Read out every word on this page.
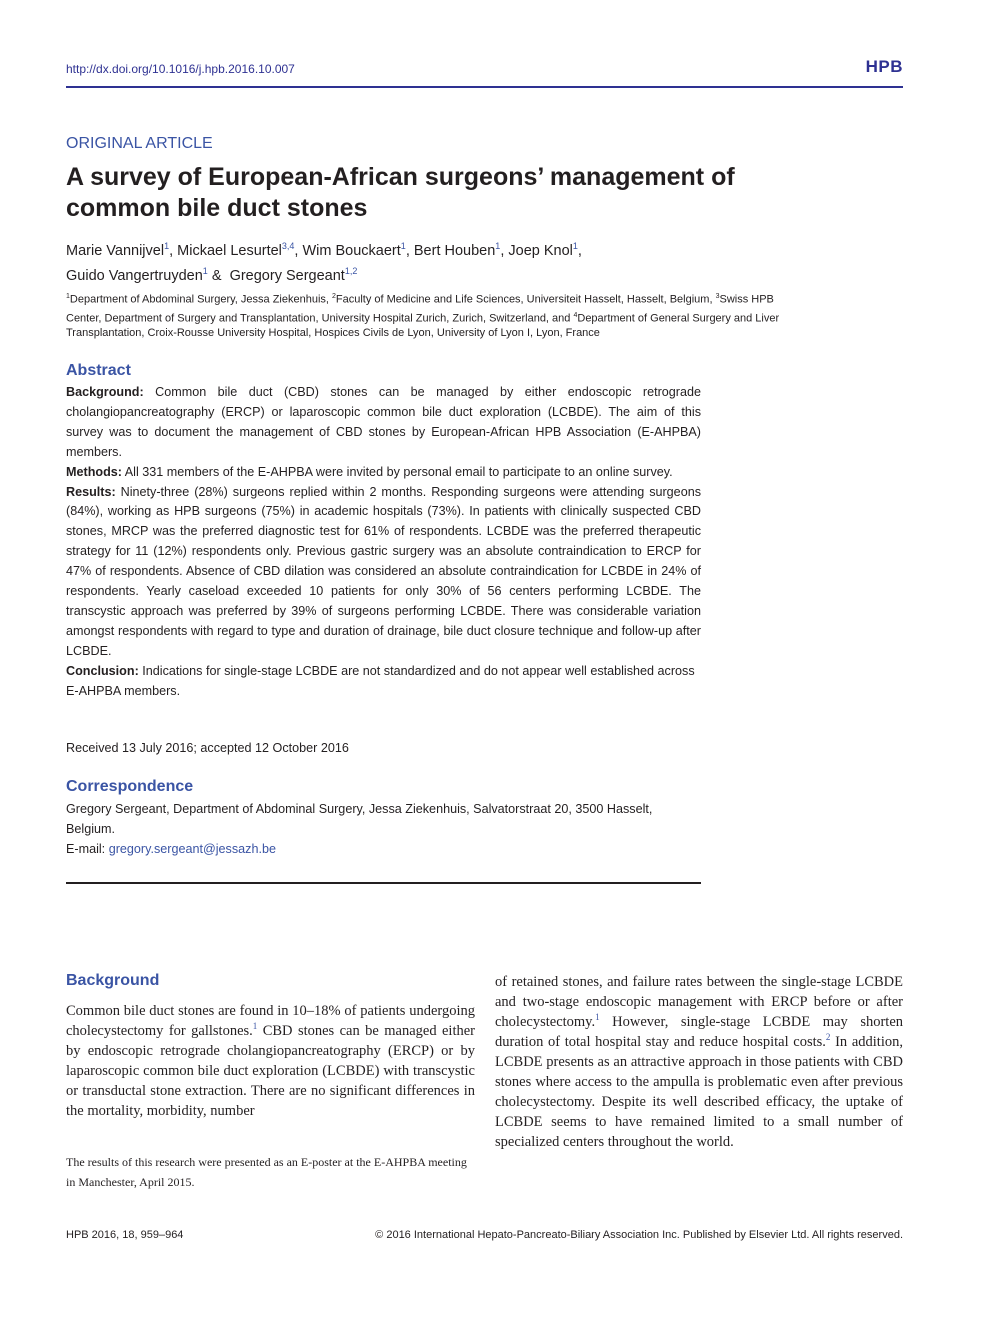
http://dx.doi.org/10.1016/j.hpb.2016.10.007	HPB
ORIGINAL ARTICLE
A survey of European-African surgeons’ management of common bile duct stones
Marie Vannijvel$^1$, Mickael Lesurtel$^{3,4}$, Wim Bouckaert$^1$, Bert Houben$^1$, Joep Knol$^1$,
Guido Vangertruyden$^1$ &  Gregory Sergeant$^{1,2}$
$^1$Department of Abdominal Surgery, Jessa Ziekenhuis, $^2$Faculty of Medicine and Life Sciences, Universiteit Hasselt, Hasselt, Belgium, $^3$Swiss HPB Center, Department of Surgery and Transplantation, University Hospital Zurich, Zurich, Switzerland, and $^4$Department of General Surgery and Liver Transplantation, Croix-Rousse University Hospital, Hospices Civils de Lyon, University of Lyon I, Lyon, France
Abstract

Background: Common bile duct (CBD) stones can be managed by either endoscopic retrograde cholangiopancreatography (ERCP) or laparoscopic common bile duct exploration (LCBDE). The aim of this survey was to document the management of CBD stones by European-African HPB Association (E-AHPBA) members.

Methods: All 331 members of the E-AHPBA were invited by personal email to participate to an online survey.

Results: Ninety-three (28%) surgeons replied within 2 months. Responding surgeons were attending surgeons (84%), working as HPB surgeons (75%) in academic hospitals (73%). In patients with clinically suspected CBD stones, MRCP was the preferred diagnostic test for 61% of respondents. LCBDE was the preferred therapeutic strategy for 11 (12%) respondents only. Previous gastric surgery was an absolute contraindication to ERCP for 47% of respondents. Absence of CBD dilation was considered an absolute contraindication for LCBDE in 24% of respondents. Yearly caseload exceeded 10 patients for only 30% of 56 centers performing LCBDE. The transcystic approach was preferred by 39% of surgeons performing LCBDE. There was considerable variation amongst respondents with regard to type and duration of drainage, bile duct closure technique and follow-up after LCBDE.

Conclusion: Indications for single-stage LCBDE are not standardized and do not appear well established across E-AHPBA members.

Received 13 July 2016; accepted 12 October 2016
Correspondence

Gregory Sergeant, Department of Abdominal Surgery, Jessa Ziekenhuis, Salvatorstraat 20, 3500 Hasselt, Belgium.

E-mail: gregory.sergeant@jessazh.be

Background

Common bile duct stones are found in 10–18% of patients undergoing cholecystectomy for gallstones.$^1$ CBD stones can be managed either by endoscopic retrograde cholangiopancreatography (ERCP) or by laparoscopic common bile duct exploration (LCBDE) with transcystic or transductal stone extraction. There are no significant differences in the mortality, morbidity, number

of retained stones, and failure rates between the single-stage LCBDE and two-stage endoscopic management with ERCP before or after cholecystectomy.$^1$ However, single-stage LCBDE may shorten duration of total hospital stay and reduce hospital costs.$^2$ In addition, LCBDE presents as an attractive approach in those patients with CBD stones where access to the ampulla is problematic even after previous cholecystectomy. Despite its well described efficacy, the uptake of LCBDE seems to have remained limited to a small number of specialized centers throughout the world.

The results of this research were presented as an E-poster at the E-AHPBA meeting in Manchester, April 2015.
HPB 2016, 18, 959–964	© 2016 International Hepato-Pancreato-Biliary Association Inc. Published by Elsevier Ltd. All rights reserved.
